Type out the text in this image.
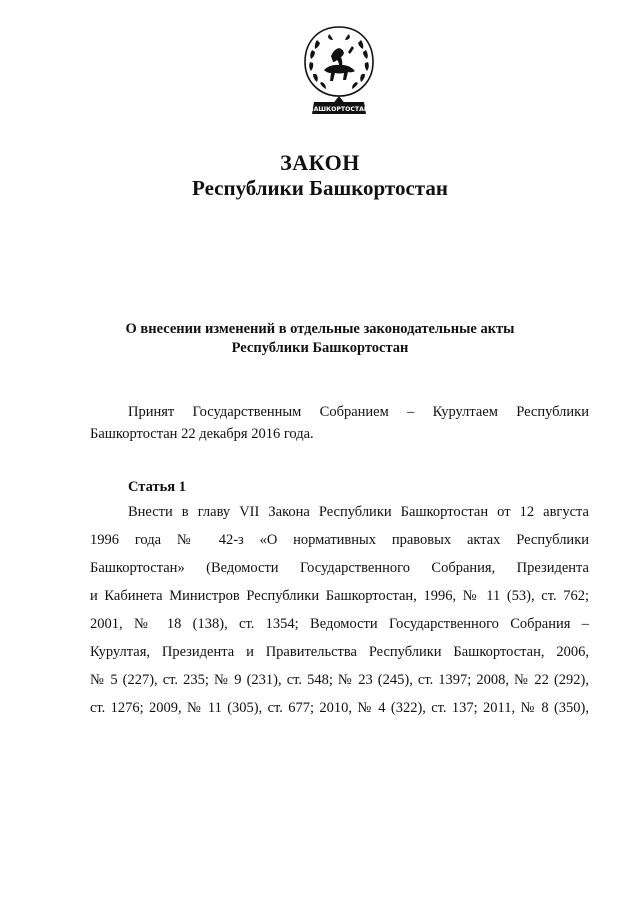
БАШКОРТОСТАН
ЗАКОН
Республики Башкортостан
О внесении изменений в отдельные законодательные акты
Республики Башкортостан
Принят Государственным Собранием – Курултаем Республики
Башкортостан 22 декабря 2016 года.
Статья 1
Внести в главу VII Закона Республики Башкортостан от 12 августа
1996 года № 42-з «О нормативных правовых актах Республики
Башкортостан» (Ведомости Государственного Собрания, Президента
и Кабинета Министров Республики Башкортостан, 1996, № 11 (53), ст. 762;
2001, № 18 (138), ст. 1354; Ведомости Государственного Собрания –
Курултая, Президента и Правительства Республики Башкортостан, 2006,
№ 5 (227), ст. 235; № 9 (231), ст. 548; № 23 (245), ст. 1397; 2008, № 22 (292),
ст. 1276; 2009, № 11 (305), ст. 677; 2010, № 4 (322), ст. 137; 2011, № 8 (350),
